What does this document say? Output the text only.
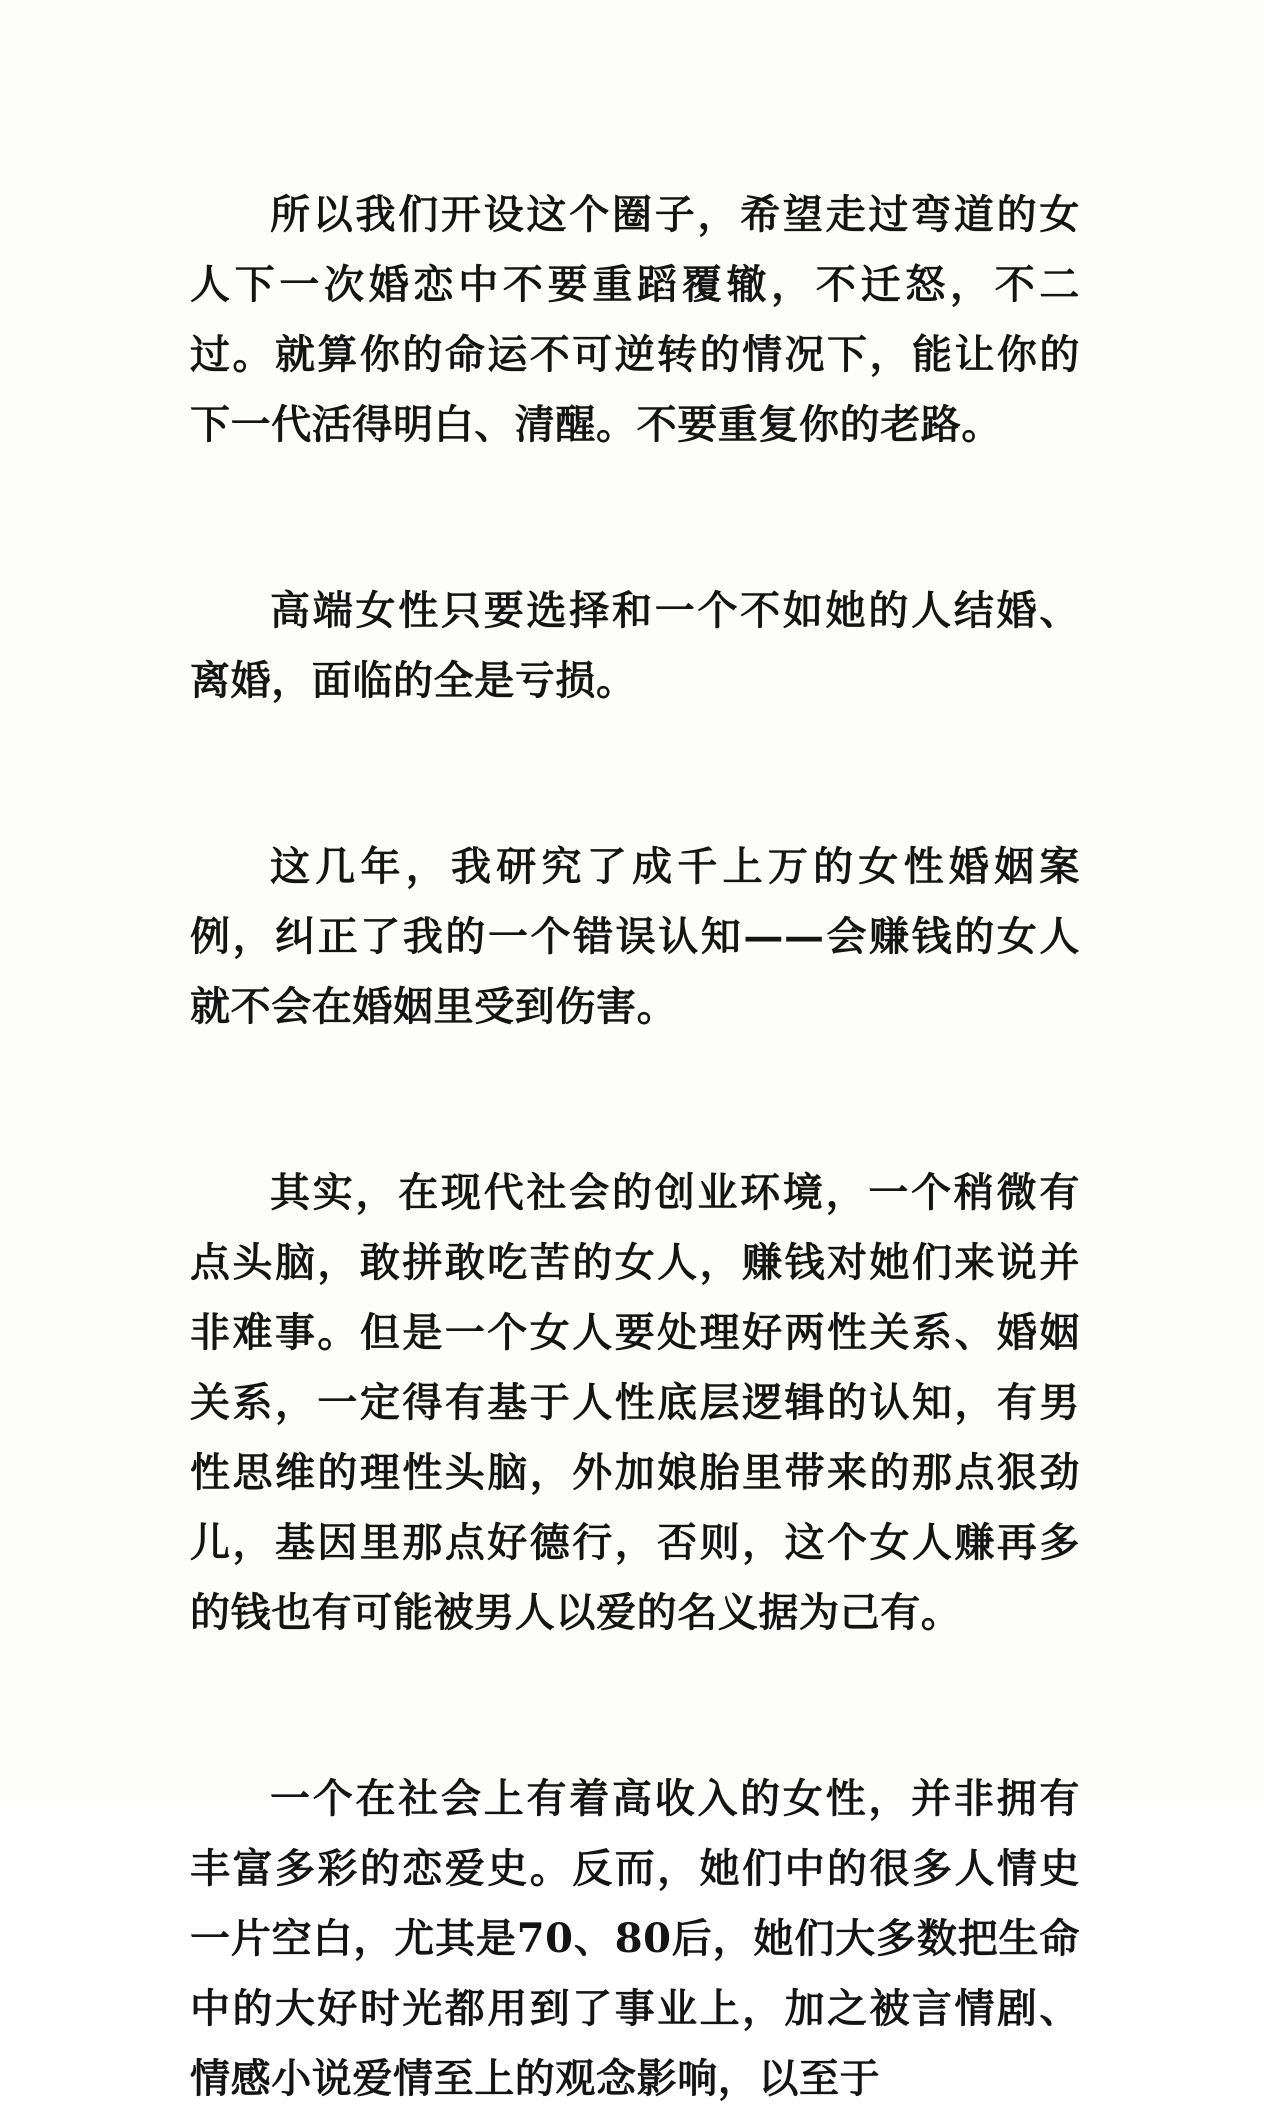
所以我们开设这个圈子，希望走过弯道的女人下一次婚恋中不要重蹈覆辙，不迁怒，不二过。就算你的命运不可逆转的情况下，能让你的下一代活得明白、清醒。不要重复你的老路。

高端女性只要选择和一个不如她的人结婚、离婚，面临的全是亏损。

这几年，我研究了成千上万的女性婚姻案例，纠正了我的一个错误认知——会赚钱的女人就不会在婚姻里受到伤害。

其实，在现代社会的创业环境，一个稍微有点头脑，敢拼敢吃苦的女人，赚钱对她们来说并非难事。但是一个女人要处理好两性关系、婚姻关系，一定得有基于人性底层逻辑的认知，有男性思维的理性头脑，外加娘胎里带来的那点狠劲儿，基因里那点好德行，否则，这个女人赚再多的钱也有可能被男人以爱的名义据为己有。

一个在社会上有着高收入的女性，并非拥有丰富多彩的恋爱史。反而，她们中的很多人情史一片空白，尤其是70、80后，她们大多数把生命中的大好时光都用到了事业上，加之被言情剧、情感小说爱情至上的观念影响，以至于
